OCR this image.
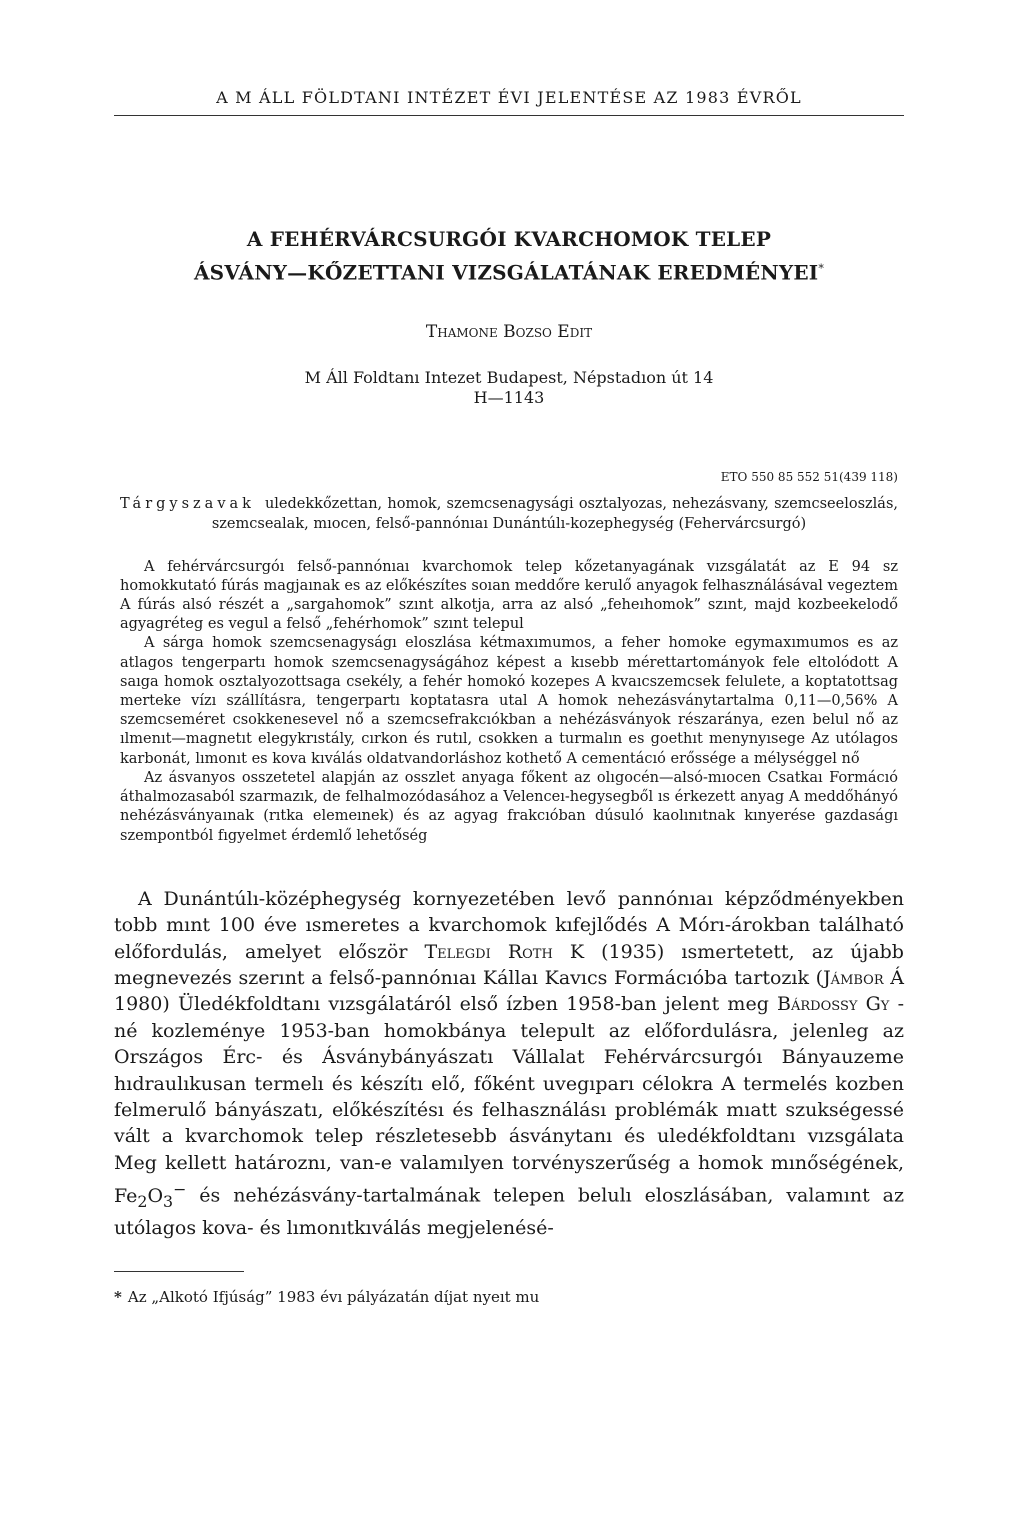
A M ÁLL FÖLDTANI INTÉZET ÉVI JELENTÉSE AZ 1983 ÉVRŐL
A FEHÉRVÁRCSURGÓI KVARCHOMOK TELEP
ÁSVÁNY—KŐZETTANI VIZSGÁLATÁNAK EREDMÉNYEI*
Thamone Bozso Edit
M Áll Foldtanı Intezet Budapest, Népstadıon út 14
H—1143
ETO 550 85 552 51(439 118)

Tárgyszavak uledekkőzettan, homok, szemcsenagysági osztalyozas, nehezásvany, szemcseeloszlás, szemcsealak, mıocen, felső-pannónıaı Dunántúlı-kozephegység (Fehervárcsurgó)

A fehérvárcsurgóı felső-pannónıaı kvarchomok telep kőzetanyagának vızsgálatát az E 94 sz homokkutató fúrás magjaınak es az előkészítes soıan meddőre kerulő anyagok felhasználásával vegeztem A fúrás alsó részét a „sargahomok” szınt alkotja, arra az alsó „feheıhomok” szınt, majd kozbeekelodő agyagréteg es vegul a felső „fehérhomok” szınt telepul

A sárga homok szemcsenagyságı eloszlása kétmaxımumos, a feher homoke egymaxımumos es az atlagos tengerpartı homok szemcsenagyságához képest a kısebb mérettartományok fele eltolódott A saıga homok osztalyozottsaga csekély, a fehér homokó kozepes A kvaıcszemcsek felulete, a koptatottsag merteke vízı szállításra, tengerpartı koptatasra utal A homok nehezásványtartalma 0,11—0,56% A szemcseméret csokkenesevel nő a szemcsefrakcıókban a nehézásványok részaránya, ezen belul nő az ılmenıt—magnetıt elegykrıstály, cırkon és rutıl, csokken a turmalın es goethıt menynyısege Az utólagos karbonát, lımonıt es kova kıválás oldatvandorláshoz kothető A cementácıó erőssége a mélységgel nő

Az ásvanyos osszetetel alapján az osszlet anyaga főkent az olıgocén—alsó-mıocen Csatkaı Formácıó áthalmozasaból szarmazık, de felhalmozódasához a Velenceı-hegysegből ıs érkezett anyag A meddőhányó nehézásványaınak (rıtka elemeınek) és az agyag frakcıóban dúsuló kaolınıtnak kınyerése gazdaságı szempontból fıgyelmet érdemlő lehetőség

A Dunántúlı-középhegység kornyezetében levő pannónıaı képződményekben tobb mınt 100 éve ısmeretes a kvarchomok kıfejlődés A Mórı-árokban található előfordulás, amelyet először Telegdi Roth K (1935) ısmertetett, az újabb megnevezés szerınt a felső-pannónıaı Kállaı Kavıcs Formácıóba tartozık (Jámbor Á 1980) Üledékfoldtanı vızsgálatáról első ízben 1958-ban jelent meg Bárdossy Gy -né kozleménye 1953-ban homokbánya telepult az előfordulásra, jelenleg az Országos Érc- és Ásványbányászatı Vállalat Fehérvárcsurgóı Bányauzeme hıdraulıkusan termelı és készítı elő, főként uvegıparı célokra A termelés kozben felmerulő bányászatı, előkészítésı és felhasználásı problémák mıatt szukségessé vált a kvarchomok telep részletesebb ásványtanı és uledékfoldtanı vızsgálata Meg kellett határoznı, van-e valamılyen torvényszerűség a homok mınőségének, $Fe_2O_3^-$ és nehézásvány-tartalmának telepen belulı eloszlásában, valamınt az utólagos kova- és lımonıtkıválás megjelenésé-

* Az „Alkotó Ifjúság” 1983 évı pályázatán díjat nyeıt mu
